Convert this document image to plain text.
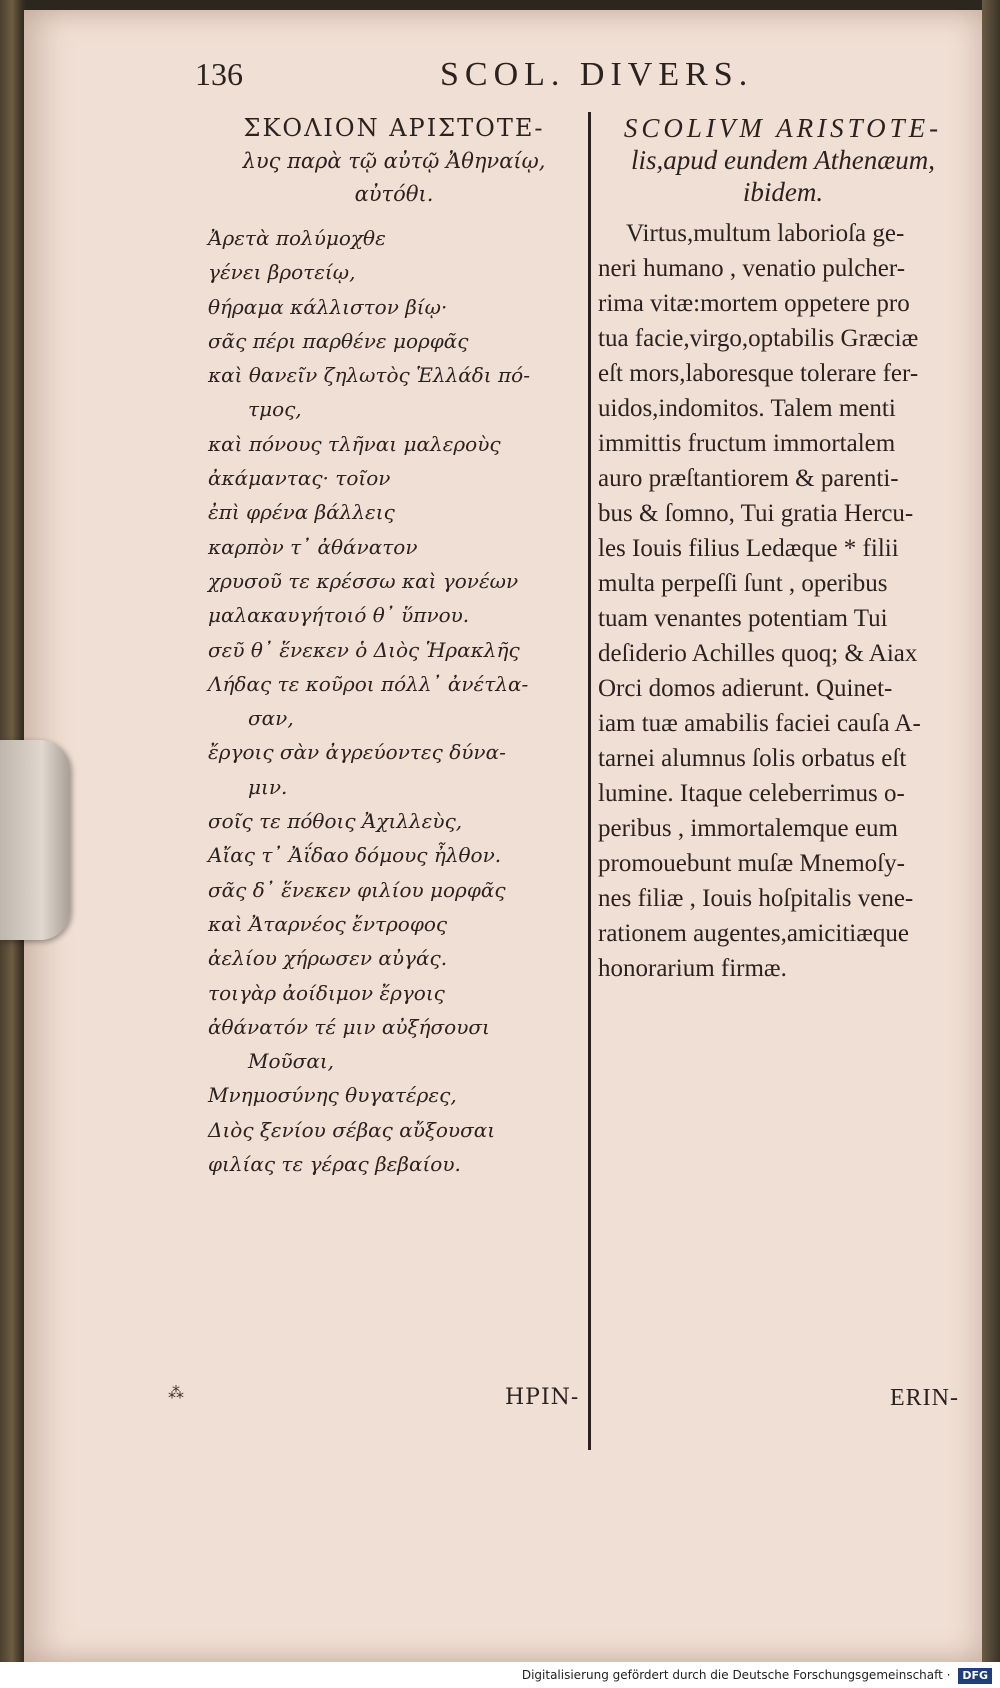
136	SCOL. DIVERS.
ΣΚΟΛΙΟΝ ΑΡΙΣΤΟΤΕ-
λυς παρὰ τῷ αὐτῷ Ἀθηναίῳ,
αὐτόθι.
Ἀρετὰ πολύμοχθε
γένει βροτείῳ,
θήραμα κάλλιστον βίῳ·
σᾶς πέρι παρθένε μορφᾶς
καὶ θανεῖν ζηλωτὸς Ἑλλάδι πό-
τμος,
καὶ πόνους τλῆναι μαλεροὺς
ἀκάμαντας· τοῖον
ἐπὶ φρένα βάλλεις
καρπὸν τ᾽ ἀθάνατον
χρυσοῦ τε κρέσσω καὶ γονέων
μαλακαυγήτοιό θ᾽ ὕπνου.
σεῦ θ᾽ ἕνεκεν ὁ Διὸς Ἡρακλῆς
Λήδας τε κοῦροι πόλλ᾽ ἀνέτλα-
σαν,
ἔργοις σὰν ἀγρεύοντες δύνα-
μιν.
σοῖς τε πόθοις Ἀχιλλεὺς,
Αἴας τ᾽ Ἀΐδαο δόμους ἦλθον.
σᾶς δ᾽ ἕνεκεν φιλίου μορφᾶς
καὶ Ἀταρνέος ἔντροφος
ἀελίου χήρωσεν αὐγάς.
τοιγὰρ ἀοίδιμον ἔργοις
ἀθάνατόν τέ μιν αὐξήσουσι
Μοῦσαι,
Μνημοσύνης θυγατέρες,
Διὸς ξενίου σέβας αὔξουσαι
φιλίας τε γέρας βεβαίου.
SCOLIVM ARISTOTE-
lis,apud eundem Athenæum,
ibidem.
Virtus,multum laborioſa ge-
neri humano , venatio pulcher-
rima vitæ:mortem oppetere pro
tua facie,virgo,optabilis Græciæ
eſt mors,laboresque tolerare fer-
uidos,indomitos. Talem menti
immittis fructum immortalem
auro præſtantiorem & parenti-
bus & ſomno, Tui gratia Hercu-
les Iouis filius Ledæque * filii
multa perpeſſi ſunt , operibus
tuam venantes potentiam Tui
deſiderio Achilles quoq; & Aiax
Orci domos adierunt. Quinet-
iam tuæ amabilis faciei cauſa A-
tarnei alumnus ſolis orbatus eſt
lumine. Itaque celeberrimus o-
peribus , immortalemque eum
promouebunt muſæ Mnemoſy-
nes filiæ , Iouis hoſpitalis vene-
rationem augentes,amicitiæque
honorarium firmæ.
⁂	ΗΡΙΝ-	ERIN-
Digitalisierung gefördert durch die Deutsche Forschungsgemeinschaft · DFG
